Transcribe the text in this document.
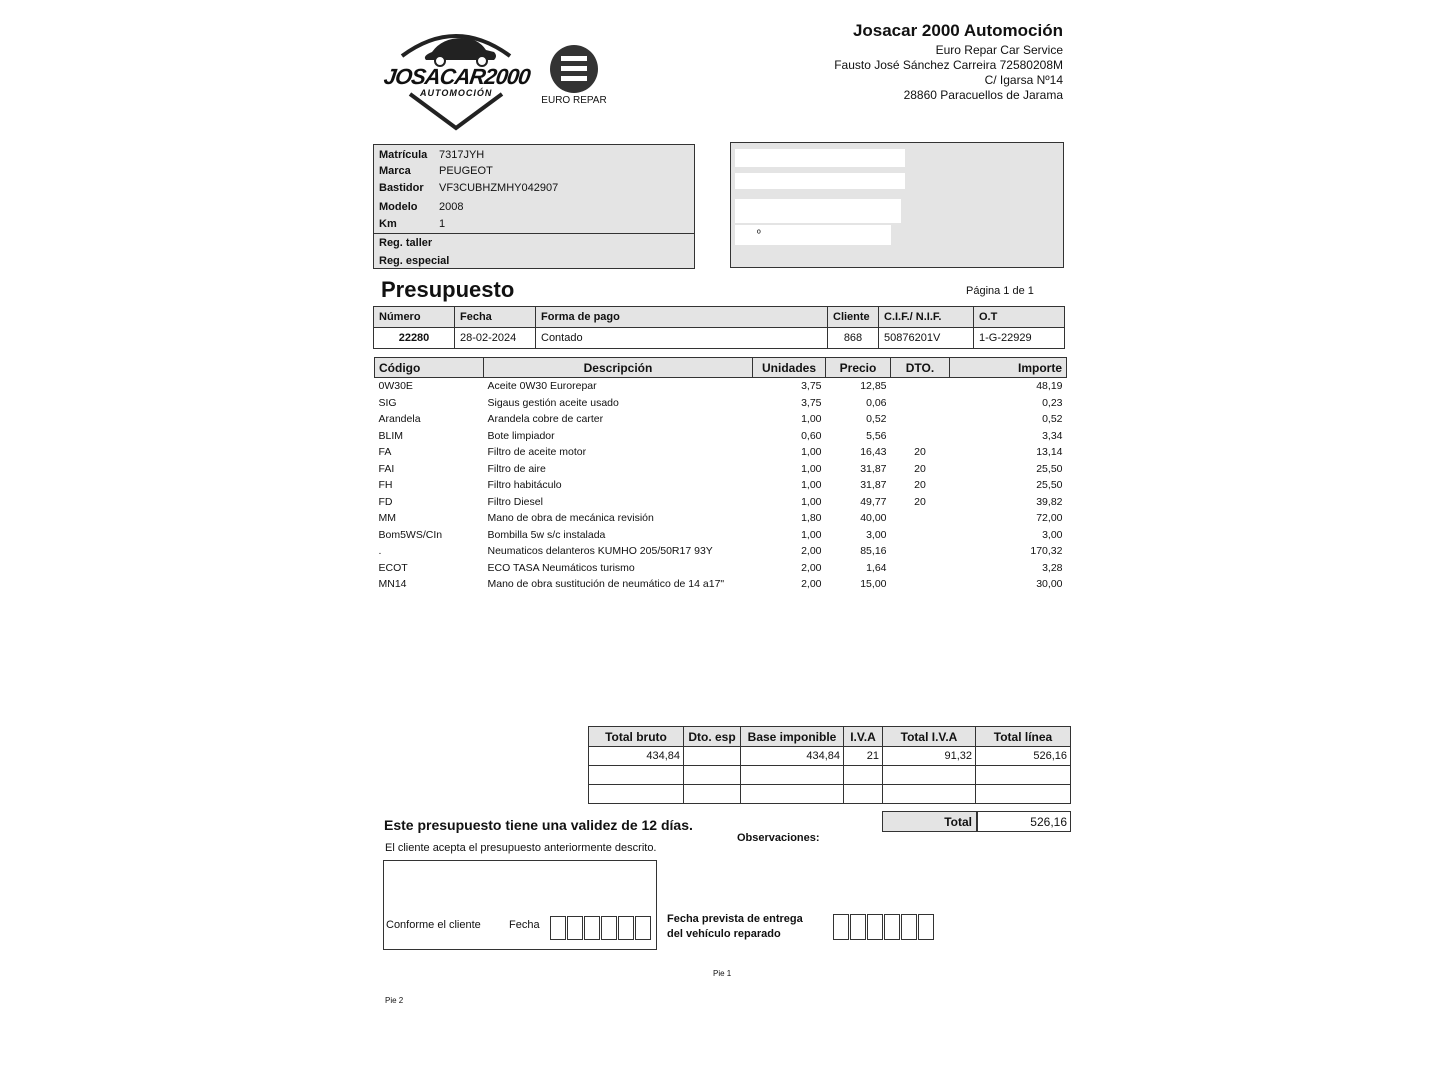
JOSACAR2000
AUTOMOCIÓN
EURO REPAR
Josacar 2000 Automoción
Euro Repar Car Service
Fausto José Sánchez Carreira 72580208M
C/ Igarsa Nº14
28860 Paracuellos de Jarama
Matrícula 7317JYH
Marca	PEUGEOT
Bastidor VF3CUBHZMHY042907
Modelo 2008
Km	1
Reg. taller
Reg. especial
º
Presupuesto	Página 1 de 1
Número	Fecha	Forma de pago	Cliente	C.I.F./ N.I.F.	O.T
22280	28-02-2024	Contado	868	50876201V	1-G-22929
Código	Descripción	Unidades	Precio	DTO.	Importe
0W30E	Aceite 0W30 Eurorepar	3,75	12,85		48,19
SIG	Sigaus gestión aceite usado	3,75	0,06		0,23
Arandela	Arandela cobre de carter	1,00	0,52		0,52
BLIM	Bote limpiador	0,60	5,56		3,34
FA	Filtro de aceite motor	1,00	16,43	20	13,14
FAI	Filtro de aire	1,00	31,87	20	25,50
FH	Filtro habitáculo	1,00	31,87	20	25,50
FD	Filtro Diesel	1,00	49,77	20	39,82
MM	Mano de obra de mecánica revisión	1,80	40,00		72,00
Bom5WS/CIn	Bombilla 5w s/c instalada	1,00	3,00		3,00
.	Neumaticos delanteros KUMHO 205/50R17 93Y	2,00	85,16		170,32
ECOT	ECO TASA Neumáticos turismo	2,00	1,64		3,28
MN14	Mano de obra sustitución de neumático de 14 a17"	2,00	15,00		30,00
Total bruto	Dto. esp	Base imponible	I.V.A	Total I.V.A	Total línea
434,84		434,84	21	91,32	526,16

Total	526,16
Este presupuesto tiene una validez de 12 días.
El cliente acepta el presupuesto anteriormente descrito.
Observaciones:
Conforme el cliente	Fecha	Fecha prevista de entrega
del vehículo reparado
Pie 1
Pie 2
